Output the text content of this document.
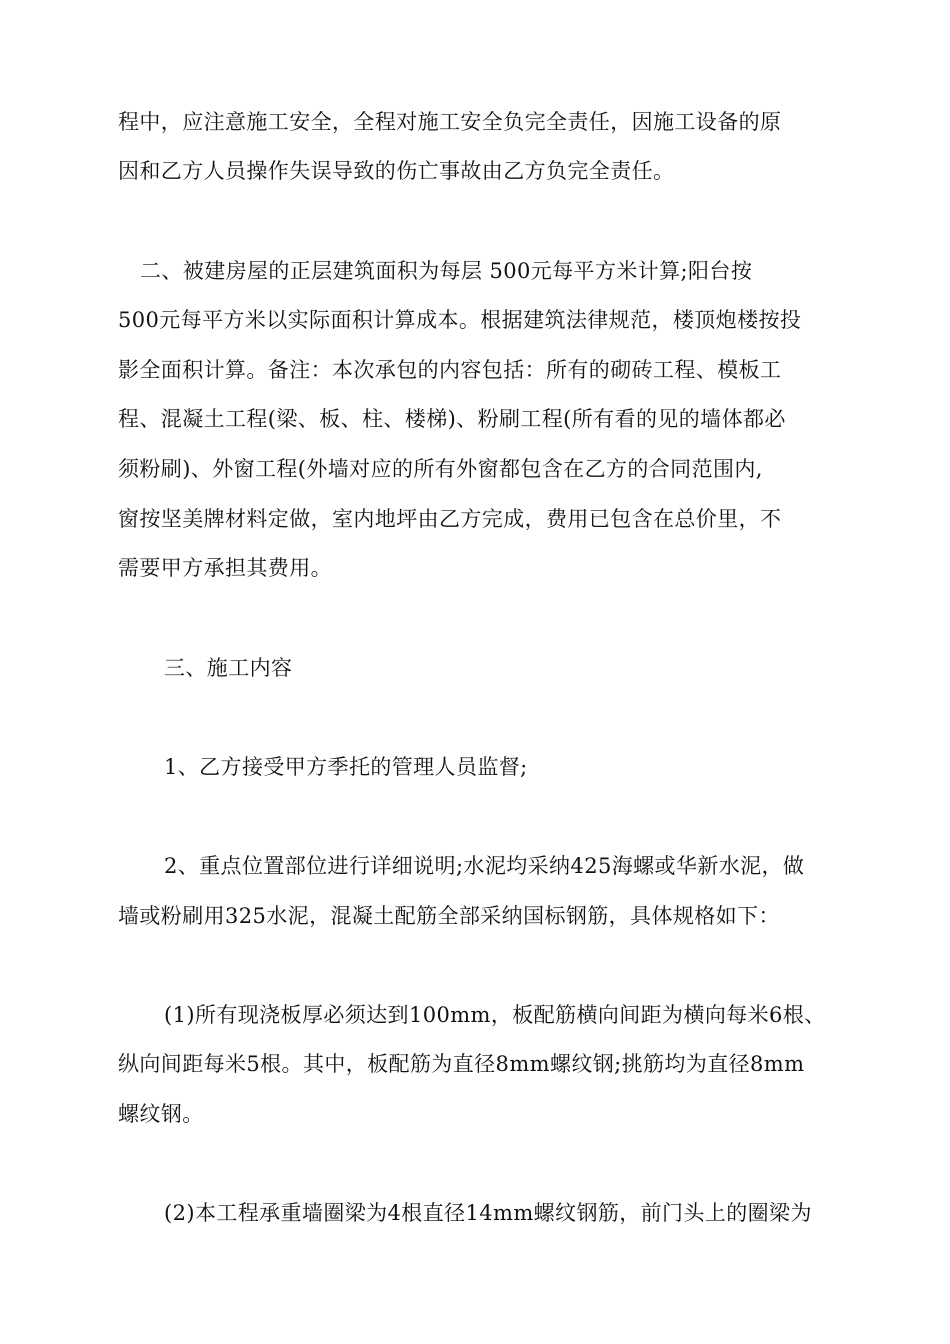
程中，应注意施工安全，全程对施工安全负完全责任，因施工设备的原
因和乙方人员操作失误导致的伤亡事故由乙方负完全责任。
二、被建房屋的正层建筑面积为每层 500元每平方米计算;阳台按
500元每平方米以实际面积计算成本。根据建筑法律规范，楼顶炮楼按投
影全面积计算。备注：本次承包的内容包括：所有的砌砖工程、模板工
程、混凝土工程(梁、板、柱、楼梯)、粉刷工程(所有看的见的墙体都必
须粉刷)、外窗工程(外墙对应的所有外窗都包含在乙方的合同范围内,
窗按坚美牌材料定做，室内地坪由乙方完成，费用已包含在总价里，不
需要甲方承担其费用。
三、施工内容
1、乙方接受甲方季托的管理人员监督;
2、重点位置部位进行详细说明;水泥均采纳425海螺或华新水泥，做
墙或粉刷用325水泥，混凝土配筋全部采纳国标钢筋，具体规格如下：
(1)所有现浇板厚必须达到100mm，板配筋横向间距为横向每米6根、
纵向间距每米5根。其中，板配筋为直径8mm螺纹钢;挑筋均为直径8mm
螺纹钢。
(2)本工程承重墙圈梁为4根直径14mm螺纹钢筋，前门头上的圈梁为
